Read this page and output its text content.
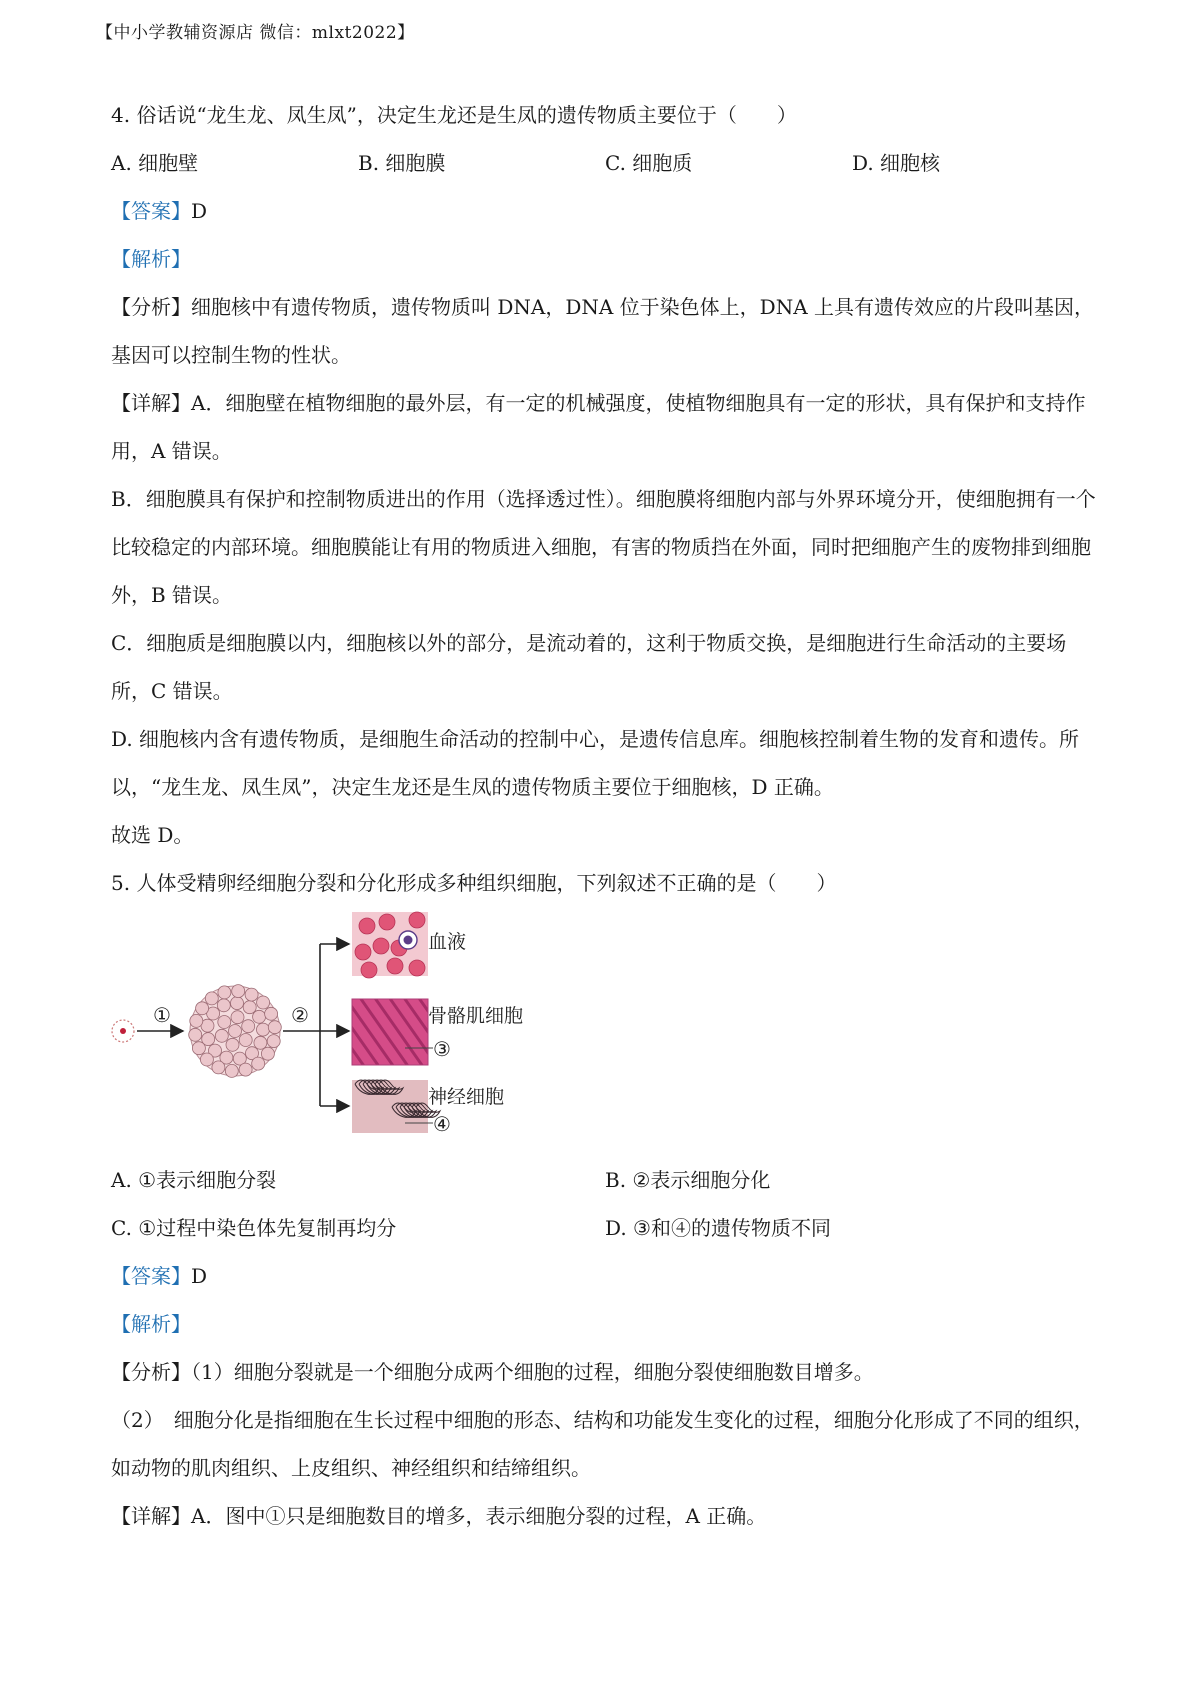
【中小学教辅资源店 微信：mlxt2022】
4. 俗话说“龙生龙、凤生凤”，决定生龙还是生凤的遗传物质主要位于（　　）
A. 细胞壁	B. 细胞膜	C. 细胞质	D. 细胞核
【答案】D
【解析】

【分析】细胞核中有遗传物质，遗传物质叫 DNA，DNA 位于染色体上，DNA 上具有遗传效应的片段叫基因，基因可以控制生物的性状。

【详解】A．细胞壁在植物细胞的最外层，有一定的机械强度，使植物细胞具有一定的形状，具有保护和支持作用，A 错误。

B．细胞膜具有保护和控制物质进出的作用（选择透过性）。细胞膜将细胞内部与外界环境分开，使细胞拥有一个比较稳定的内部环境。细胞膜能让有用的物质进入细胞，有害的物质挡在外面，同时把细胞产生的废物排到细胞外，B 错误。
C．细胞质是细胞膜以内，细胞核以外的部分，是流动着的，这利于物质交换，是细胞进行生命活动的主要场所，C 错误。
D. 细胞核内含有遗传物质，是细胞生命活动的控制中心，是遗传信息库。细胞核控制着生物的发育和遗传。所以，“龙生龙、凤生凤”，决定生龙还是生凤的遗传物质主要位于细胞核，D 正确。
故选 D。
5. 人体受精卵经细胞分裂和分化形成多种组织细胞，下列叙述不正确的是（　　）
①	②
血液
骨骼肌细胞
③
神经细胞
④
A. ①表示细胞分裂	B. ②表示细胞分化
C. ①过程中染色体先复制再均分	D. ③和④的遗传物质不同
【答案】D
【解析】

【分析】（1）细胞分裂就是一个细胞分成两个细胞的过程，细胞分裂使细胞数目增多。

（2）　细胞分化是指细胞在生长过程中细胞的形态、结构和功能发生变化的过程，细胞分化形成了不同的组织，如动物的肌肉组织、上皮组织、神经组织和结缔组织。

【详解】A．图中①只是细胞数目的增多，表示细胞分裂的过程，A 正确。
